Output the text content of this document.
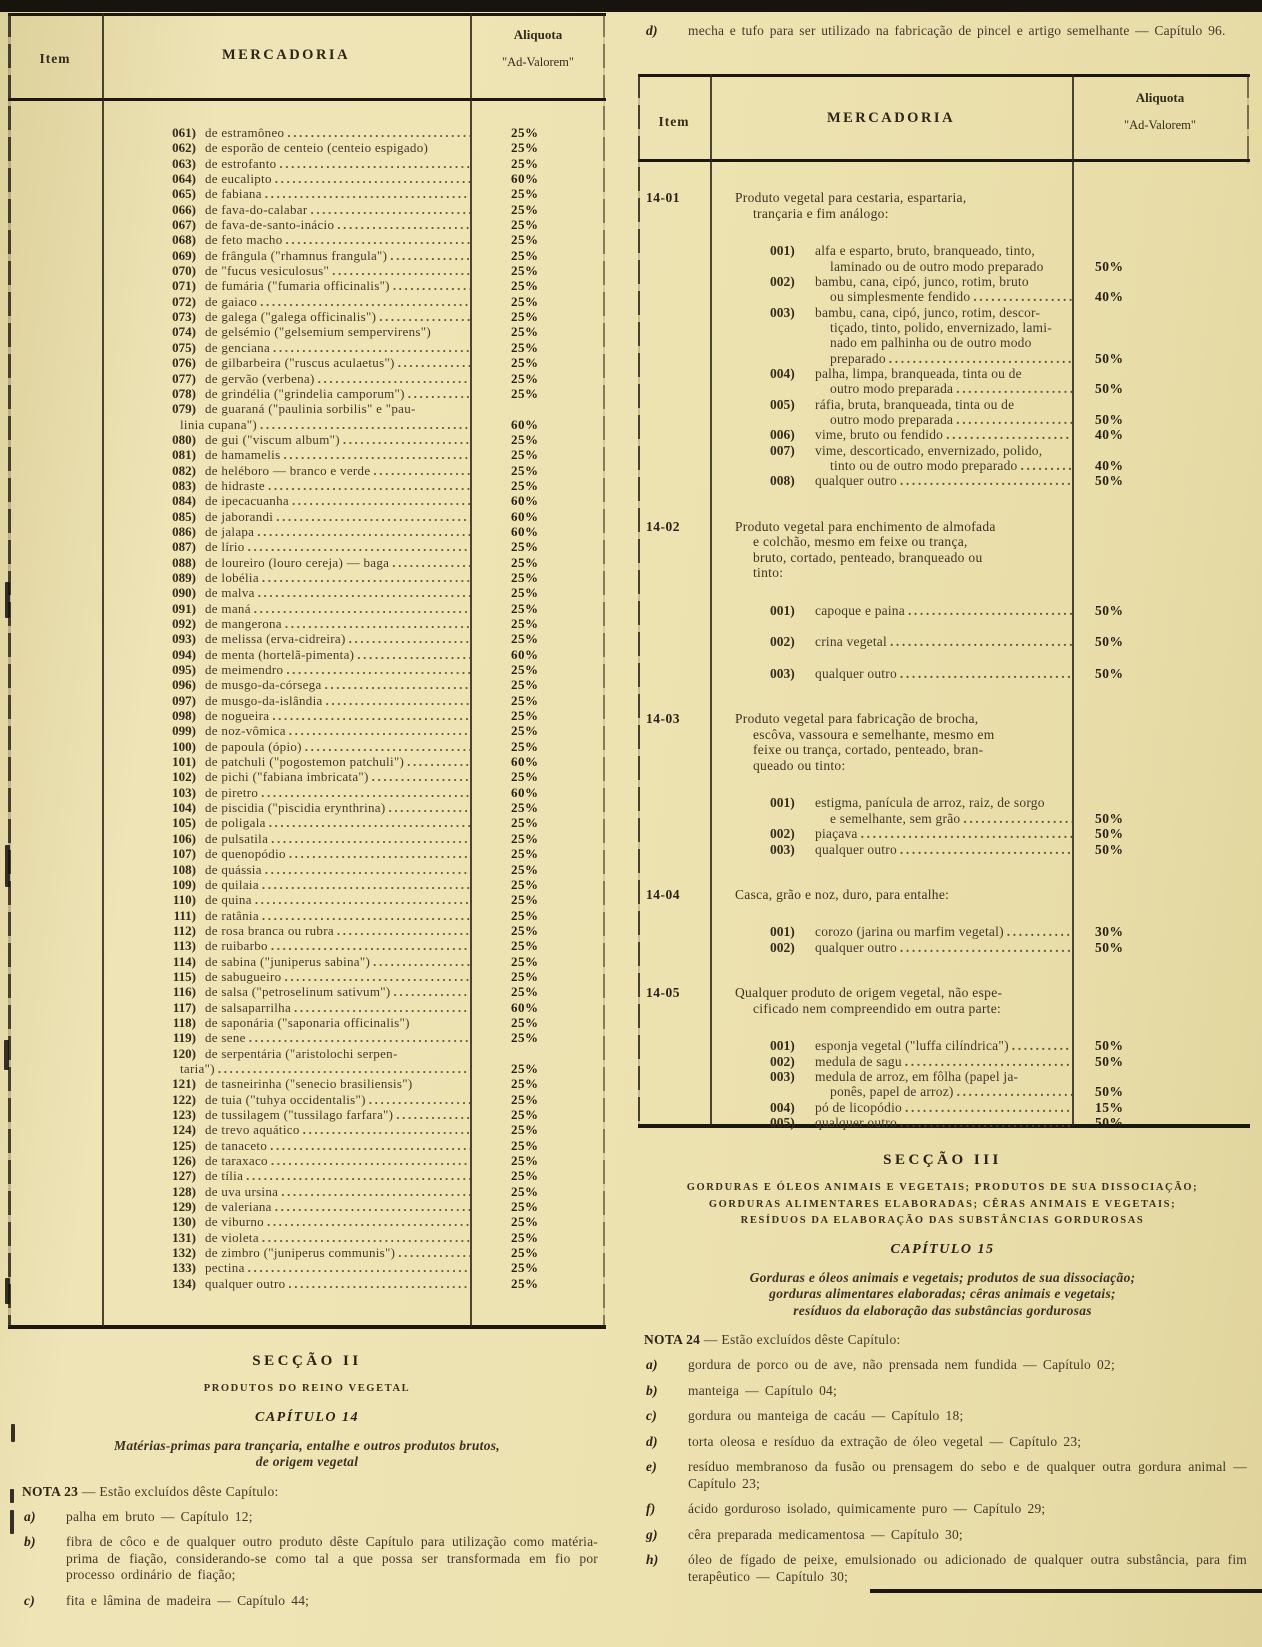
Item	MERCADORIA
Aliquota
"Ad-Valorem"
061) de estramôneo .....	25%
062) de esporão de centeio (centeio espigado)	25%
063) de estrofanto .....	25%
064) de eucalipto .....	60%
065) de fabiana .....	25%
066) de fava-do-calabar .....	25%
067) de fava-de-santo-inácio .....	25%
068) de feto macho .....	25%
069) de frângula ("rhamnus frangula") .....	25%
070) de "fucus vesiculosus" .....	25%
071) de fumária ("fumaria officinalis") .....	25%
072) de gaiaco .....	25%
073) de galega ("galega officinalis") .....	25%
074) de gelsémio ("gelsemium sempervirens")	25%
075) de genciana .....	25%
076) de gilbarbeira ("ruscus aculaetus") .....	25%
077) de gervão (verbena) .....	25%
078) de grindélia ("grindelia camporum") .....	25%
079) de guaraná ("paulinia sorbilis" e "pau-
linia cupana") .....	60%
080) de gui ("viscum album") .....	25%
081) de hamamelis .....	25%
082) de heléboro — branco e verde .....	25%
083) de hidraste .....	25%
084) de ipecacuanha .....	60%
085) de jaborandi .....	60%
086) de jalapa .....	60%
087) de lírio .....	25%
088) de loureiro (louro cereja) — baga .....	25%
089) de lobélia .....	25%
090) de malva .....	25%
091) de maná .....	25%
092) de mangerona .....	25%
093) de melissa (erva-cidreira) .....	25%
094) de menta (hortelã-pimenta) .....	60%
095) de meimendro .....	25%
096) de musgo-da-córsega .....	25%
097) de musgo-da-islândia .....	25%
098) de nogueira .....	25%
099) de noz-vômica .....	25%
100) de papoula (ópio) .....	25%
101) de patchuli ("pogostemon patchuli") .....	60%
102) de pichi ("fabiana imbricata") .....	25%
103) de piretro .....	60%
104) de piscidia ("piscidia erynthrina) .....	25%
105) de poligala .....	25%
106) de pulsatila .....	25%
107) de quenopódio .....	25%
108) de quássia .....	25%
109) de quilaia .....	25%
110) de quina .....	25%
111) de ratânia .....	25%
112) de rosa branca ou rubra .....	25%
113) de ruibarbo .....	25%
114) de sabina ("juniperus sabina") .....	25%
115) de sabugueiro .....	25%
116) de salsa ("petroselinum sativum") .....	25%
117) de salsaparrilha .....	60%
118) de saponária ("saponaria officinalis")	25%
119) de sene .....	25%
120) de serpentária ("aristolochi serpen-
taria") .....	25%
121) de tasneirinha ("senecio brasiliensis")	25%
122) de tuia ("tuhya occidentalis") .....	25%
123) de tussilagem ("tussilago farfara") .....	25%
124) de trevo aquático .....	25%
125) de tanaceto .....	25%
126) de taraxaco .....	25%
127) de tília .....	25%
128) de uva ursina .....	25%
129) de valeriana .....	25%
130) de viburno .....	25%
131) de violeta .....	25%
132) de zimbro ("juniperus communis") .....	25%
133) pectina .....	25%
134) qualquer outro .....	25%
SECÇÃO II
PRODUTOS DO REINO VEGETAL
CAPÍTULO 14
Matérias-primas para trançaria, entalhe e outros produtos brutos,
de origem vegetal
NOTA 23 — Estão excluídos dêste Capítulo:
a) palha em bruto — Capítulo 12;
b) fibra de côco e de qualquer outro produto dêste Capítulo para utilização como matéria-prima de fiação, considerando-se como tal a que possa ser transformada em fio por processo ordinário de fiação;
c) fita e lâmina de madeira — Capítulo 44;
d) mecha e tufo para ser utilizado na fabricação de pincel e artigo semelhante — Capítulo 96.
Item	MERCADORIA
Aliquota
"Ad-Valorem"
14-01	Produto vegetal para cestaria, espartaria,
trançaria e fim análogo:
001)	alfa e esparto, bruto, branqueado, tinto,
laminado ou de outro modo preparado	50%
002)	bambu, cana, cipó, junco, rotim, bruto
ou simplesmente fendido .....	40%
003)	bambu, cana, cipó, junco, rotim, descor-
tiçado, tinto, polido, envernizado, lami-
nado em palhinha ou de outro modo
preparado .....	50%
004)	palha, limpa, branqueada, tinta ou de
outro modo preparada .....	50%
005)	ráfia, bruta, branqueada, tinta ou de
outro modo preparada .....	50%
006)	vime, bruto ou fendido .....	40%
007)	vime, descorticado, envernizado, polido,
tinto ou de outro modo preparado .....	40%
008)	qualquer outro .....	50%
14-02	Produto vegetal para enchimento de almofada
e colchão, mesmo em feixe ou trança,
bruto, cortado, penteado, branqueado ou
tinto:
001)	capoque e paina .....	50%
002)	crina vegetal .....	50%
003)	qualquer outro .....	50%
14-03	Produto vegetal para fabricação de brocha,
escôva, vassoura e semelhante, mesmo em
feixe ou trança, cortado, penteado, bran-
queado ou tinto:
001)	estigma, panícula de arroz, raiz, de sorgo
e semelhante, sem grão .....	50%
002)	piaçava .....	50%
003)	qualquer outro .....	50%
14-04	Casca, grão e noz, duro, para entalhe:
001)	corozo (jarina ou marfim vegetal) .....	30%
002)	qualquer outro .....	50%
14-05	Qualquer produto de origem vegetal, não espe-
cificado nem compreendido em outra parte:
001)	esponja vegetal ("luffa cilíndrica") .....	50%
002)	medula de sagu .....	50%
003)	medula de arroz, em fôlha (papel ja-
ponês, papel de arroz) .....	50%
004)	pó de licopódio .....	15%
005)	qualquer outro .....	50%
SECÇÃO III
GORDURAS E ÓLEOS ANIMAIS E VEGETAIS; PRODUTOS DE SUA DISSOCIAÇÃO;
GORDURAS ALIMENTARES ELABORADAS; CÊRAS ANIMAIS E VEGETAIS;
RESÍDUOS DA ELABORAÇÃO DAS SUBSTÂNCIAS GORDUROSAS
CAPÍTULO 15
Gorduras e óleos animais e vegetais; produtos de sua dissociação;
gorduras alimentares elaboradas; cêras animais e vegetais;
resíduos da elaboração das substâncias gordurosas
NOTA 24 — Estão excluídos dêste Capítulo:
a) gordura de porco ou de ave, não prensada nem fundida — Capítulo 02;
b) manteiga — Capítulo 04;
c) gordura ou manteiga de cacáu — Capítulo 18;
d) torta oleosa e resíduo da extração de óleo vegetal — Capítulo 23;
e) resíduo membranoso da fusão ou prensagem do sebo e de qualquer outra gordura animal — Capítulo 23;
f) ácido gorduroso isolado, quimicamente puro — Capítulo 29;
g) cêra preparada medicamentosa — Capítulo 30;
h) óleo de fígado de peixe, emulsionado ou adicionado de qualquer outra substância, para fim terapêutico — Capítulo 30;
